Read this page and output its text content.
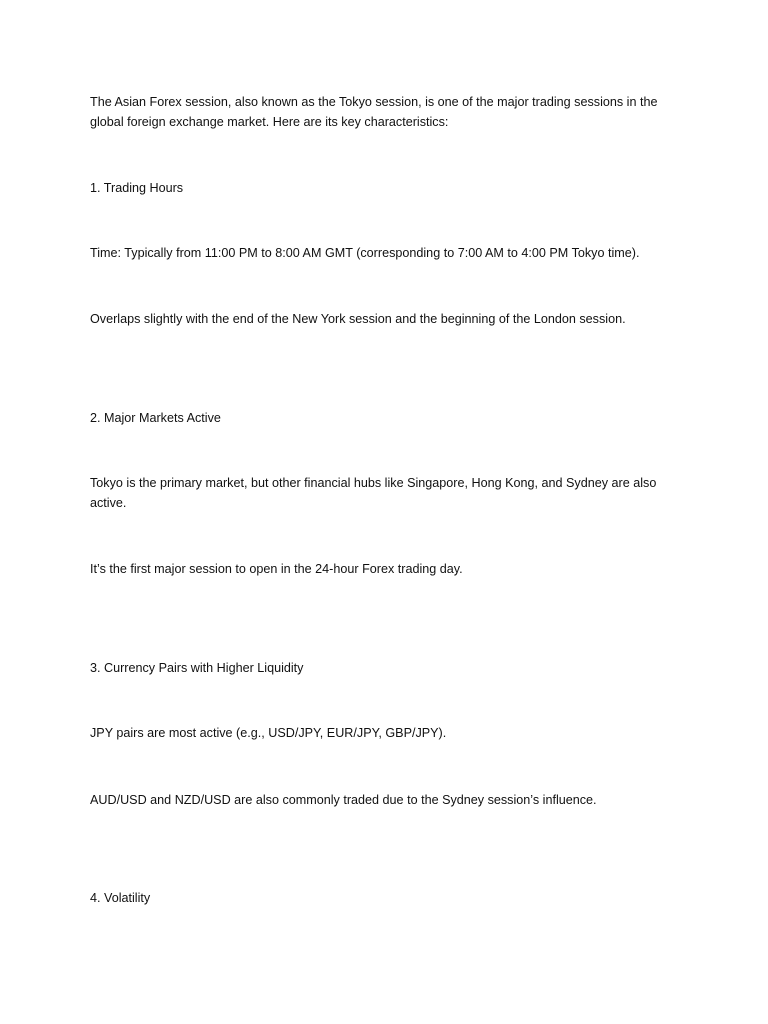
The Asian Forex session, also known as the Tokyo session, is one of the major trading sessions in the global foreign exchange market. Here are its key characteristics:

1. Trading Hours

Time: Typically from 11:00 PM to 8:00 AM GMT (corresponding to 7:00 AM to 4:00 PM Tokyo time).

Overlaps slightly with the end of the New York session and the beginning of the London session.

2. Major Markets Active

Tokyo is the primary market, but other financial hubs like Singapore, Hong Kong, and Sydney are also active.

It’s the first major session to open in the 24-hour Forex trading day.

3. Currency Pairs with Higher Liquidity

JPY pairs are most active (e.g., USD/JPY, EUR/JPY, GBP/JPY).

AUD/USD and NZD/USD are also commonly traded due to the Sydney session’s influence.

4. Volatility
